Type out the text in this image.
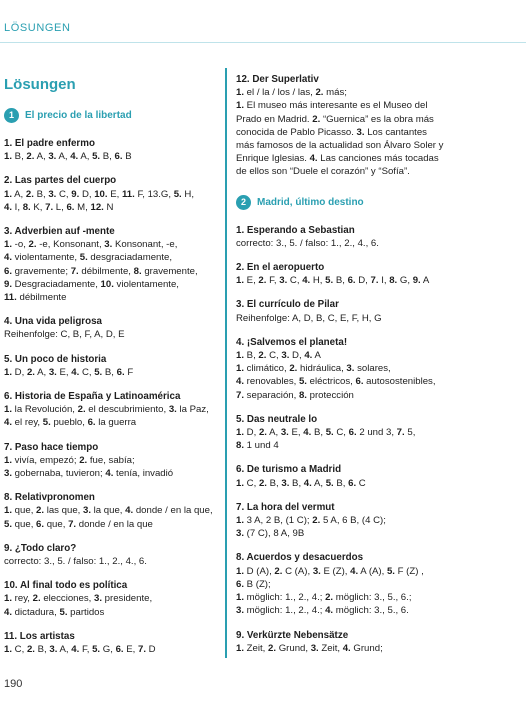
LÖSUNGEN
Lösungen
1	El precio de la libertad
1. El padre enfermo
1. B, 2. A, 3. A, 4. A, 5. B, 6. B
2. Las partes del cuerpo
1. A, 2. B, 3. C, 9. D, 10. E, 11. F, 13.G, 5. H,
4. I, 8. K, 7. L, 6. M, 12. N
3. Adverbien auf -mente
1. -o, 2. -e, Konsonant, 3. Konsonant, -e,
4. violentamente, 5. desgraciadamente,
6. gravemente; 7. débilmente, 8. gravemente,
9. Desgraciadamente, 10. violentamente,
11. débilmente
4. Una vida peligrosa
Reihenfolge: C, B, F, A, D, E
5. Un poco de historia
1. D, 2. A, 3. E, 4. C, 5. B, 6. F
6. Historia de España y Latinoamérica
1. la Revolución, 2. el descubrimiento, 3. la Paz,
4. el rey, 5. pueblo, 6. la guerra
7. Paso hace tiempo
1. vivía, empezó; 2. fue, sabía;
3. gobernaba, tuvieron; 4. tenía, invadió
8. Relativpronomen
1. que, 2. las que, 3. la que, 4. donde / en la que,
5. que, 6. que, 7. donde / en la que
9. ¿Todo claro?
correcto: 3., 5. / falso: 1., 2., 4., 6.
10. Al final todo es política
1. rey, 2. elecciones, 3. presidente,
4. dictadura, 5. partidos
11. Los artistas
1. C, 2. B, 3. A, 4. F, 5. G, 6. E, 7. D
12. Der Superlativ
1. el / la / los / las, 2. más;
1. El museo más interesante es el Museo del
Prado en Madrid. 2. “Guernica” es la obra más
conocida de Pablo Picasso. 3. Los cantantes
más famosos de la actualidad son Álvaro Soler y
Enrique Iglesias. 4. Las canciones más tocadas
de ellos son “Duele el corazón” y “Sofía”.
2	Madrid, último destino
1. Esperando a Sebastian
correcto: 3., 5. / falso: 1., 2., 4., 6.
2. En el aeropuerto
1. E, 2. F, 3. C, 4. H, 5. B, 6. D, 7. I, 8. G, 9. A
3. El currículo de Pilar
Reihenfolge: A, D, B, C, E, F, H, G
4. ¡Salvemos el planeta!
1. B, 2. C, 3. D, 4. A
1. climático, 2. hidráulica, 3. solares,
4. renovables, 5. eléctricos, 6. autosostenibles,
7. separación, 8. protección
5. Das neutrale lo
1. D, 2. A, 3. E, 4. B, 5. C, 6. 2 und 3, 7. 5,
8. 1 und 4
6. De turismo a Madrid
1. C, 2. B, 3. B, 4. A, 5. B, 6. C
7. La hora del vermut
1. 3 A, 2 B, (1 C); 2. 5 A, 6 B, (4 C);
3. (7 C), 8 A, 9B
8. Acuerdos y desacuerdos
1. D (A), 2. C (A), 3. E (Z), 4. A (A), 5. F (Z) ,
6. B (Z);
1. möglich: 1., 2., 4.; 2. möglich: 3., 5., 6.;
3. möglich: 1., 2., 4.; 4. möglich: 3., 5., 6.
9. Verkürzte Nebensätze
1. Zeit, 2. Grund, 3. Zeit, 4. Grund;
190
